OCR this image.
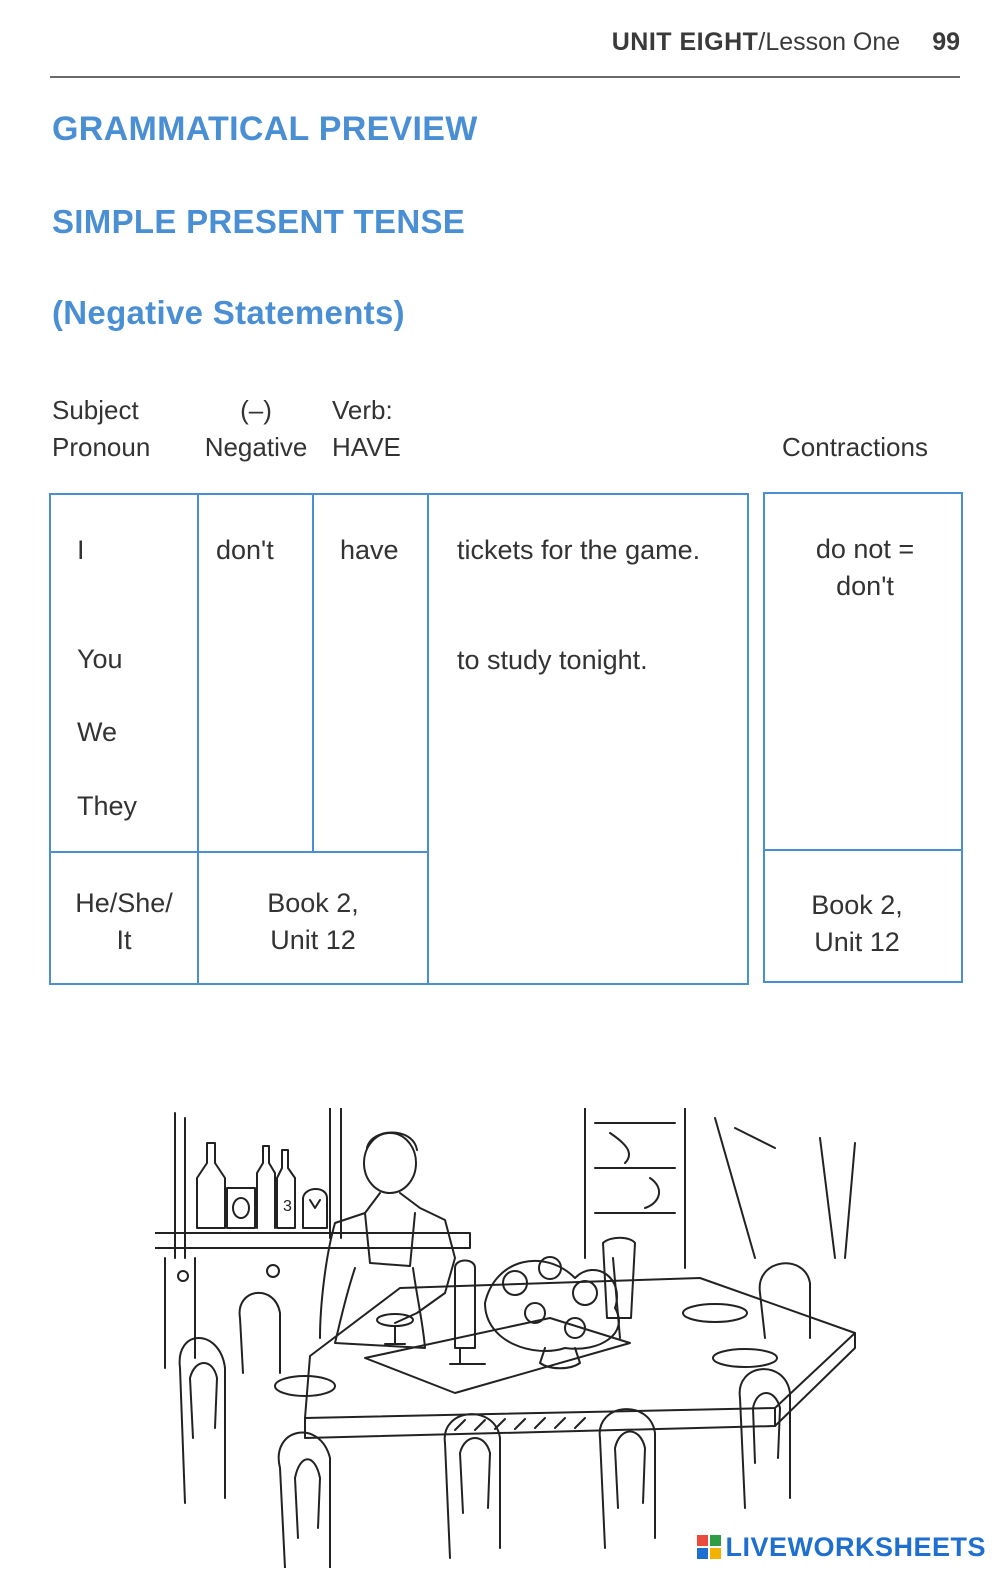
UNIT EIGHT/Lesson One 99
GRAMMATICAL PREVIEW
SIMPLE PRESENT TENSE
(Negative Statements)
Subject
Pronoun
(–)
Negative
Verb:
HAVE	Contractions
I
You
We
They
don't have tickets for the game.
to study tonight.
He/She/
It
Book 2,
Unit 12
do not =
don't
Book 2,
Unit 12
3
LIVEWORKSHEETS
